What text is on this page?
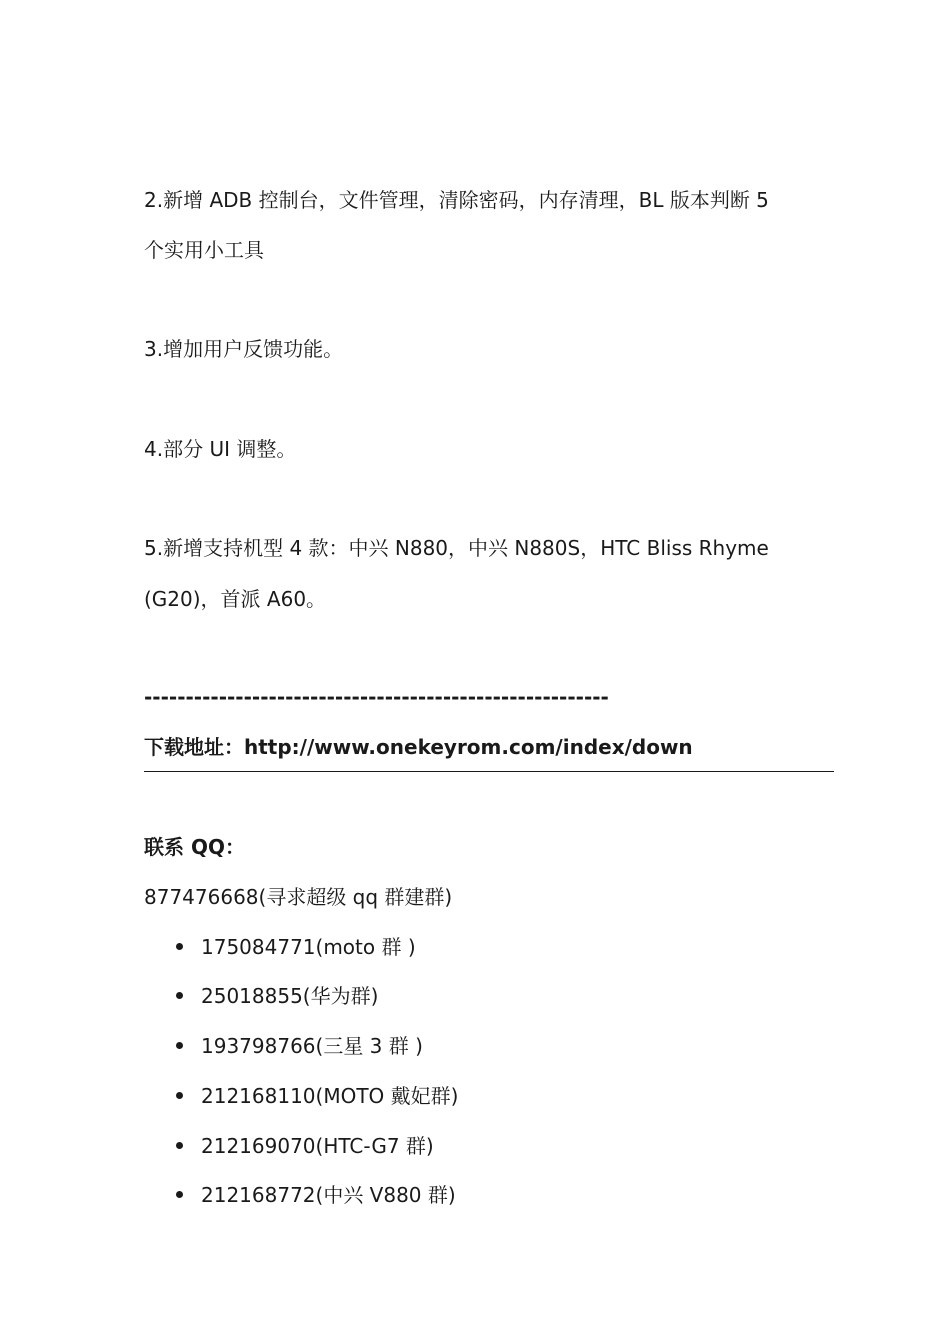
2.新增 ADB 控制台，文件管理，清除密码，内存清理，BL 版本判断 5
个实用小工具
3.增加用户反馈功能。
4.部分 UI 调整。
5.新增支持机型 4 款：中兴 N880，中兴 N880S，HTC Bliss Rhyme
(G20)，首派 A60。
--------------------------------------------------------
下载地址：http://www.onekeyrom.com/index/down
联系 QQ：
877476668(寻求超级 qq 群建群)
175084771(moto 群 )
25018855(华为群)
193798766(三星 3 群 )
212168110(MOTO 戴妃群)
212169070(HTC-G7 群)
212168772(中兴 V880 群)
